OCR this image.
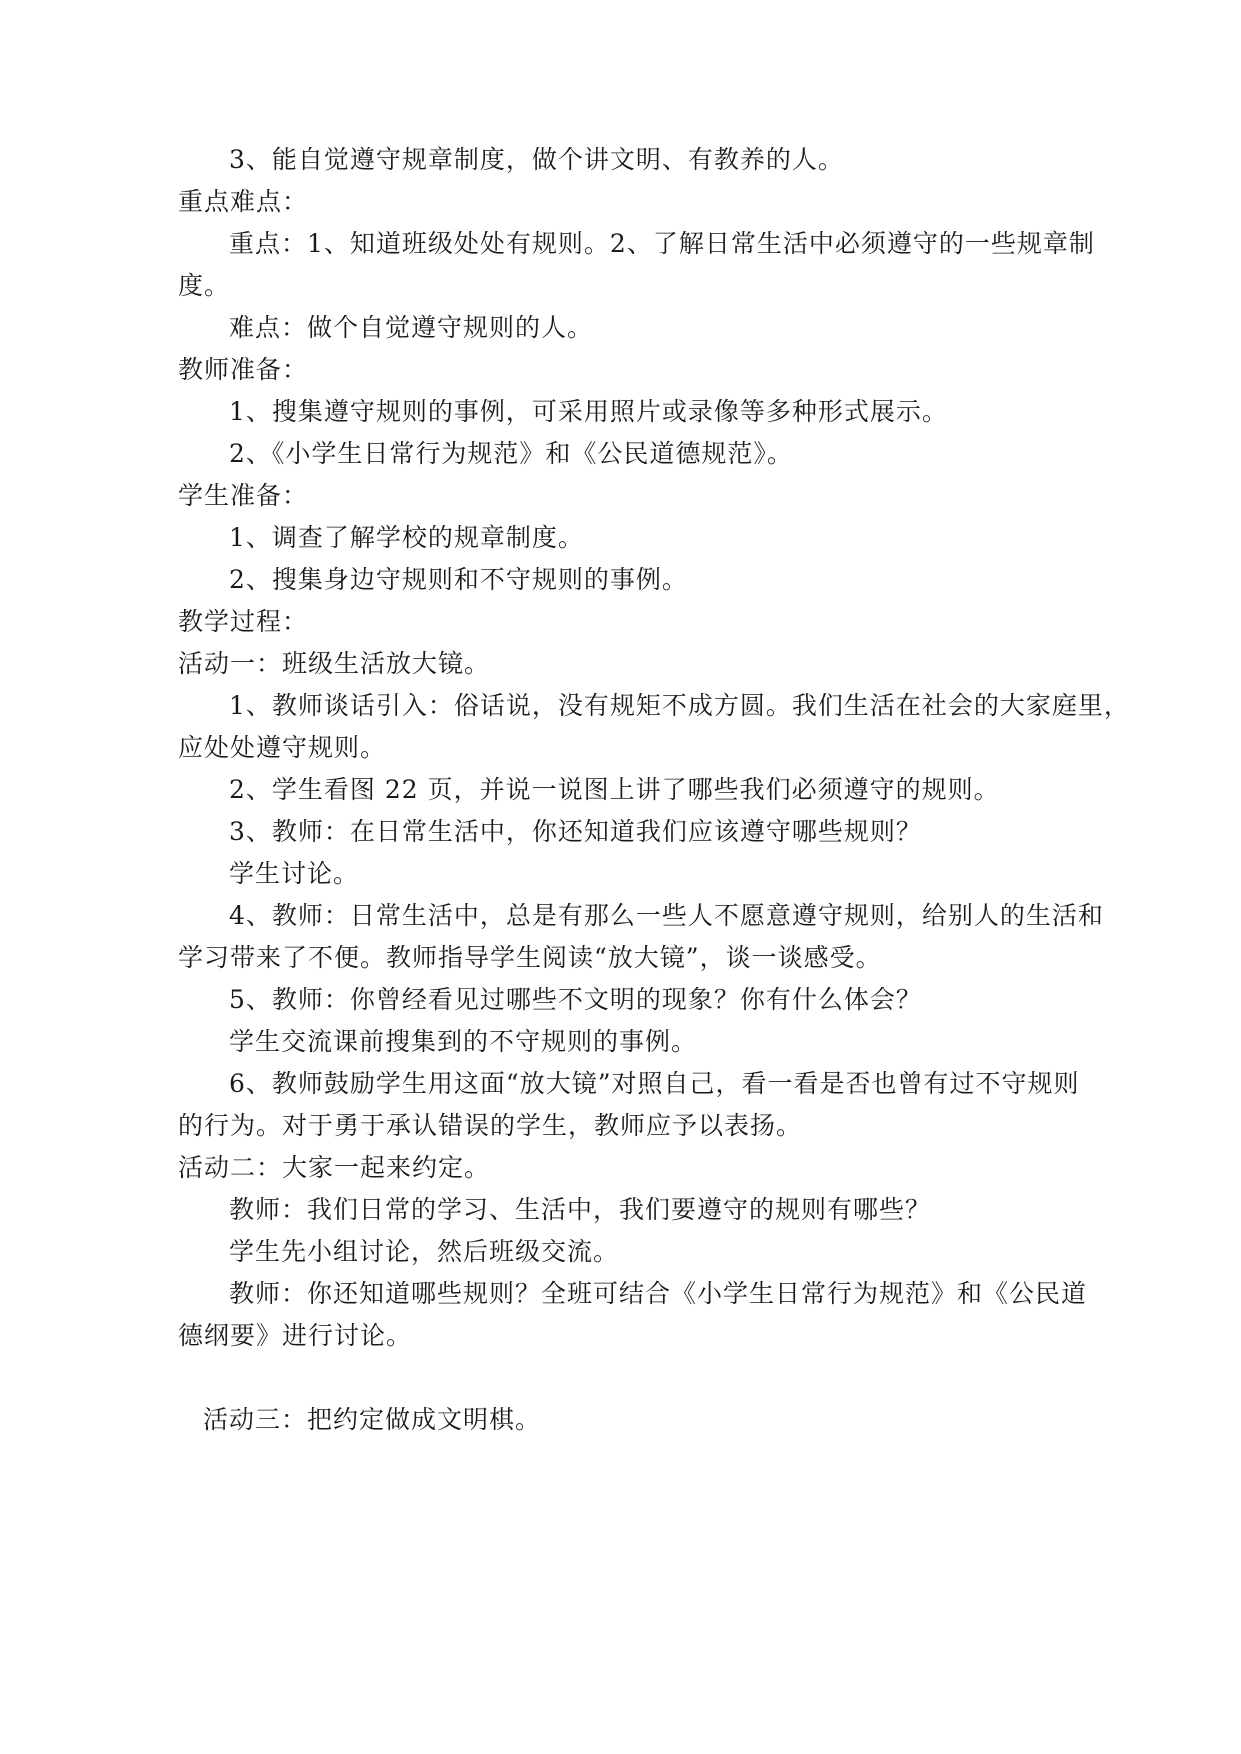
3、能自觉遵守规章制度，做个讲文明、有教养的人。
重点难点：
重点：1、知道班级处处有规则。2、了解日常生活中必须遵守的一些规章制
度。
难点：做个自觉遵守规则的人。
教师准备：
1、搜集遵守规则的事例，可采用照片或录像等多种形式展示。
2、《小学生日常行为规范》和《公民道德规范》。
学生准备：
1、调查了解学校的规章制度。
2、搜集身边守规则和不守规则的事例。
教学过程：
活动一：班级生活放大镜。
1、教师谈话引入：俗话说，没有规矩不成方圆。我们生活在社会的大家庭里，
应处处遵守规则。
2、学生看图 22 页，并说一说图上讲了哪些我们必须遵守的规则。
3、教师：在日常生活中，你还知道我们应该遵守哪些规则？
学生讨论。
4、教师：日常生活中，总是有那么一些人不愿意遵守规则，给别人的生活和
学习带来了不便。教师指导学生阅读“放大镜”，谈一谈感受。
5、教师：你曾经看见过哪些不文明的现象？你有什么体会？
学生交流课前搜集到的不守规则的事例。
6、教师鼓励学生用这面“放大镜”对照自己，看一看是否也曾有过不守规则
的行为。对于勇于承认错误的学生，教师应予以表扬。
活动二：大家一起来约定。
教师：我们日常的学习、生活中，我们要遵守的规则有哪些？
学生先小组讨论，然后班级交流。
教师：你还知道哪些规则？全班可结合《小学生日常行为规范》和《公民道
德纲要》进行讨论。
活动三：把约定做成文明棋。
